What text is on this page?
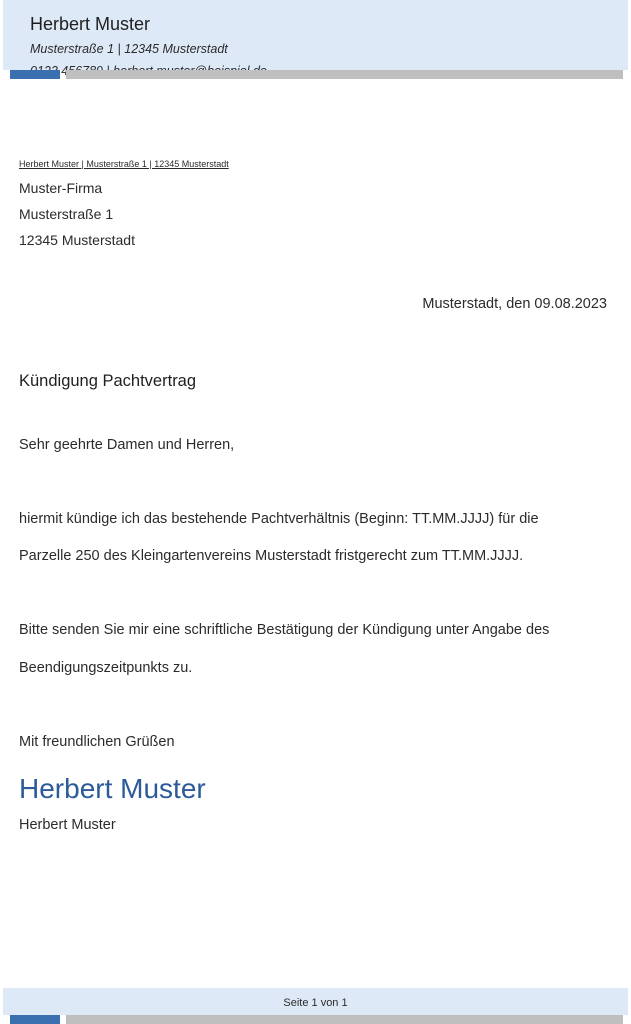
Herbert Muster
Musterstraße 1 | 12345 Musterstadt
Herbert Muster | Musterstraße 1 | 12345 Musterstadt
Muster-Firma
Musterstraße 1
12345 Musterstadt
Musterstadt, den 09.08.2023
Kündigung Pachtvertrag
Sehr geehrte Damen und Herren,
hiermit kündige ich das bestehende Pachtverhältnis (Beginn: TT.MM.JJJJ) für die
Parzelle 250 des Kleingartenvereins Musterstadt fristgerecht zum TT.MM.JJJJ.
Bitte senden Sie mir eine schriftliche Bestätigung der Kündigung unter Angabe des
Beendigungszeitpunkts zu.
Mit freundlichen Grüßen
Herbert Muster
Herbert Muster
Seite 1 von 1
